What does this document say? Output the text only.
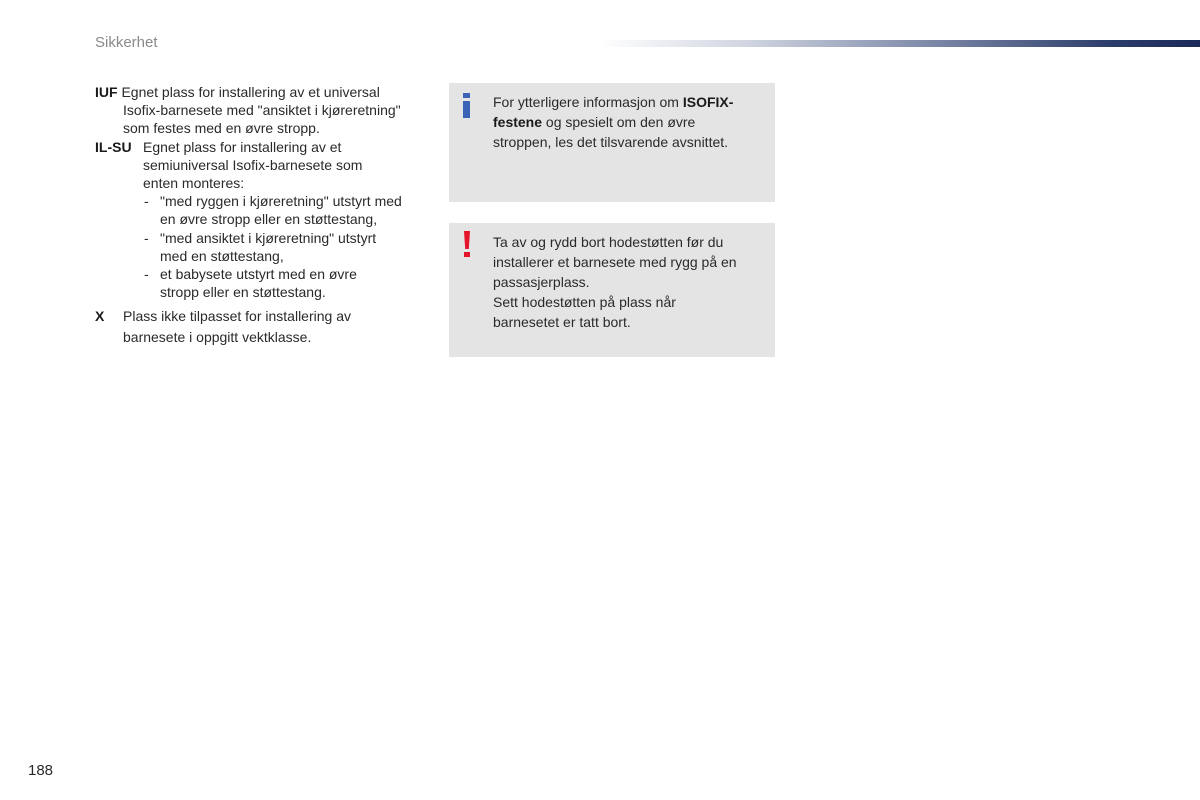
Sikkerhet
IUF Egnet plass for installering av et universal
Isofix-barnesete med "ansiktet i kjøreretning"
som festes med en øvre stropp.
IL-SU Egnet plass for installering av et
semiuniversal Isofix-barnesete som
enten monteres:
- "med ryggen i kjøreretning" utstyrt med
en øvre stropp eller en støttestang,
- "med ansiktet i kjøreretning" utstyrt
med en støttestang,
- et babysete utstyrt med en øvre
stropp eller en støttestang.
X	Plass ikke tilpasset for installering av
barnesete i oppgitt vektklasse.
For ytterligere informasjon om ISOFIX-
festene og spesielt om den øvre
stroppen, les det tilsvarende avsnittet.
Ta av og rydd bort hodestøtten før du
installerer et barnesete med rygg på en
passasjerplass.
Sett hodestøtten på plass når
barnesetet er tatt bort.
188
